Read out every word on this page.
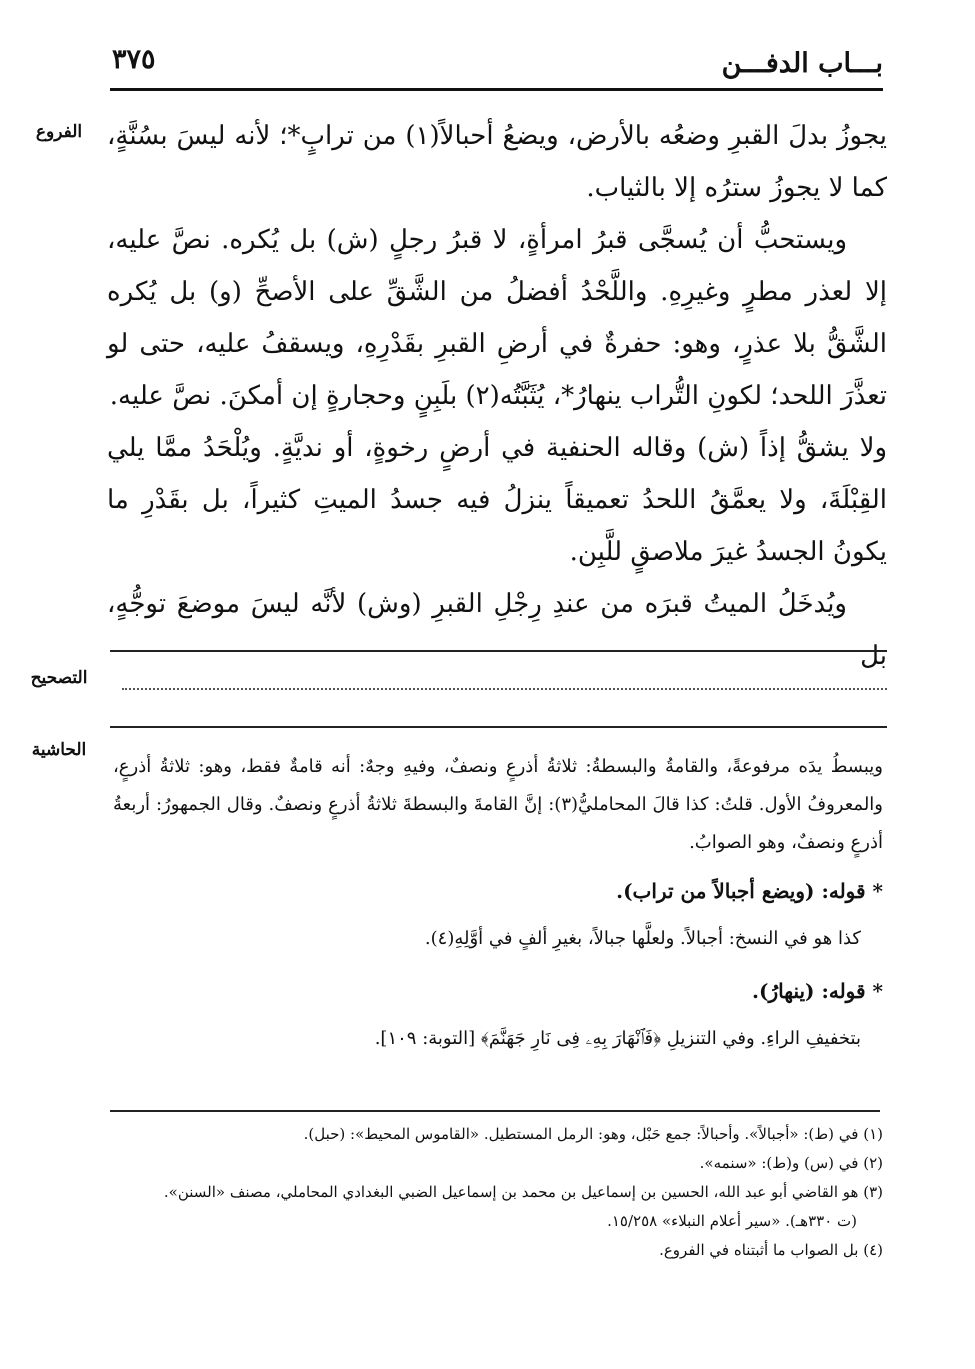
بـــاب الدفـــن
٣٧٥
الفروع
التصحيح
الحاشية

يجوزُ بدلَ القبرِ وضعُه بالأرض، ويضعُ أحبالاً(١) من ترابٍ*؛ لأنه ليسَ بسُنَّةٍ، كما لا يجوزُ سترُه إلا بالثياب.

ويستحبُّ أن يُسجَّى قبرُ امرأةٍ، لا قبرُ رجلٍ (ش) بل يُكره. نصَّ عليه، إلا لعذر مطرٍ وغيرِهِ. واللَّحْدُ أفضلُ من الشَّقِّ على الأصحِّ (و) بل يُكره الشَّقُّ بلا عذرٍ، وهو: حفرةٌ في أرضِ القبرِ بقَدْرِهِ، ويسقفُ عليه، حتى لو تعذَّرَ اللحد؛ لكونِ التُّراب ينهارُ*، يُثَبَّتُه(٢) بلَبِنٍ وحجارةٍ إن أمكنَ. نصَّ عليه.

ولا يشقُّ إذاً (ش) وقاله الحنفية في أرضٍ رخوةٍ، أو نديَّةٍ. ويُلْحَدُ ممَّا يلي القِبْلَةَ، ولا يعمَّقُ اللحدُ تعميقاً ينزلُ فيه جسدُ الميتِ كثيراً، بل بقَدْرِ ما يكونُ الجسدُ غيرَ ملاصقٍ للَّبِن.

ويُدخَلُ الميتُ قبرَه من عندِ رِجْلِ القبرِ (وش) لأنَّه ليسَ موضعَ توجُّهٍ، بل

ويبسطُ يدَه مرفوعةً، والقامةُ والبسطةُ: ثلاثةُ أذرعٍ ونصفٌ، وفيهِ وجهٌ: أنه قامةٌ فقط، وهو: ثلاثةُ أذرعٍ، والمعروفُ الأول. قلتُ: كذا قالَ المحامليُّ(٣): إنَّ القامةَ والبسطةَ ثلاثةُ أذرعٍ ونصفٌ. وقال الجمهورُ: أربعةُ أذرعٍ ونصفٌ، وهو الصوابُ.

* قوله: (ويضع أجبالاً من تراب).

كذا هو في النسخ: أجبالاً. ولعلَّها جبالاً، بغيرِ ألفٍ في أوَّلِهِ(٤).

* قوله: (ينهارُ).

بتخفيفِ الراءِ. وفي التنزيلِ ﴿فَٱنْهَارَ بِهِۦ فِى نَارِ جَهَنَّمَ﴾ [التوبة: ١٠٩].

(١) في (ط): «أجبالاً». وأحبالاً: جمع حَبْل، وهو: الرمل المستطيل. «القاموس المحيط»: (حبل).

(٢) في (س) و(ط): «سنمه».

(٣) هو القاضي أبو عبد الله، الحسين بن إسماعيل بن محمد بن إسماعيل الضبي البغدادي المحاملي، مصنف «السنن».

(ت ٣٣٠هـ). «سير أعلام النبلاء» ١٥/٢٥٨.

(٤) بل الصواب ما أثبتناه في الفروع.
